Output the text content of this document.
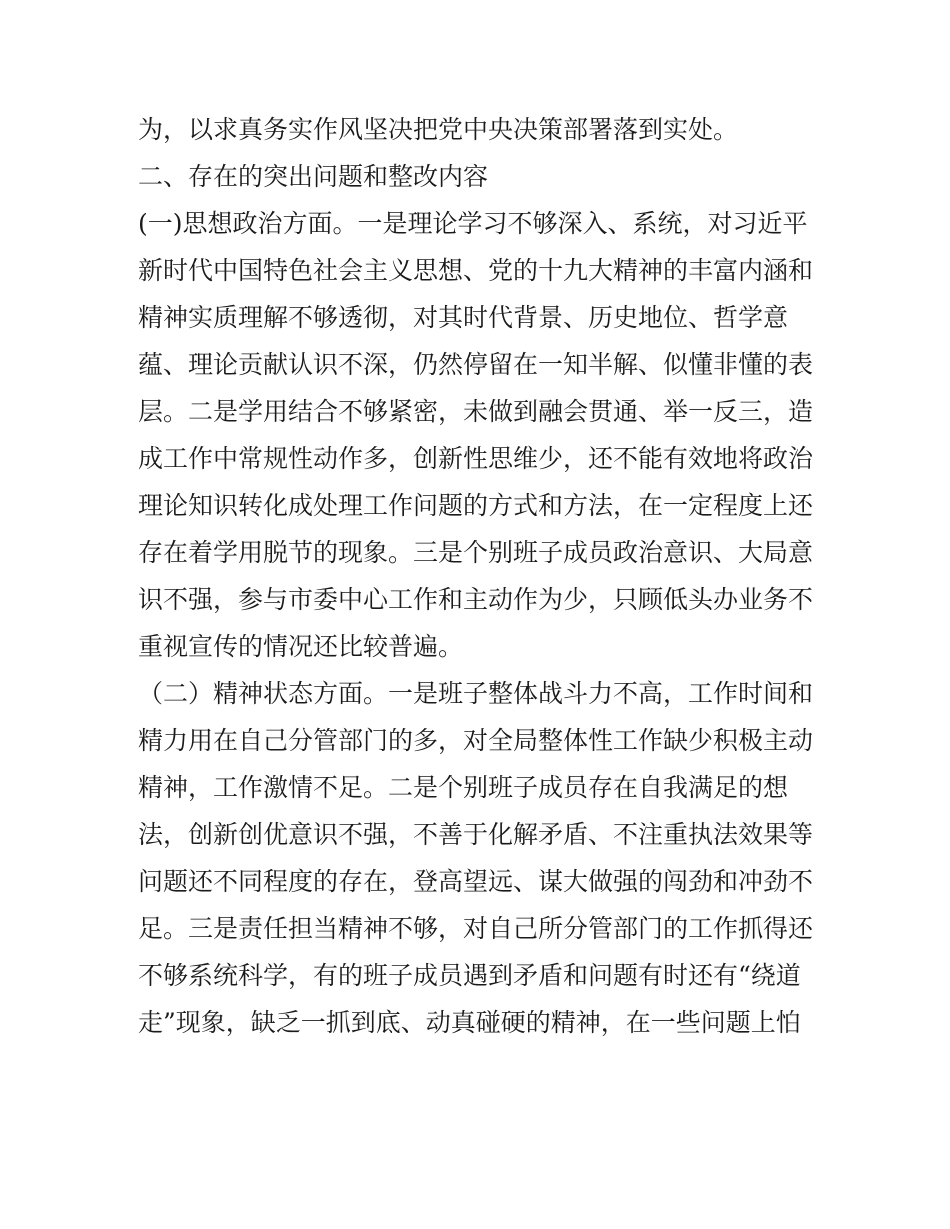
为，以求真务实作风坚决把党中央决策部署落到实处。
二、存在的突出问题和整改内容
(一)思想政治方面。一是理论学习不够深入、系统，对习近平
新时代中国特色社会主义思想、党的十九大精神的丰富内涵和
精神实质理解不够透彻，对其时代背景、历史地位、哲学意
蕴、理论贡献认识不深，仍然停留在一知半解、似懂非懂的表
层。二是学用结合不够紧密，未做到融会贯通、举一反三，造
成工作中常规性动作多，创新性思维少，还不能有效地将政治
理论知识转化成处理工作问题的方式和方法，在一定程度上还
存在着学用脱节的现象。三是个别班子成员政治意识、大局意
识不强，参与市委中心工作和主动作为少，只顾低头办业务不
重视宣传的情况还比较普遍。
（二）精神状态方面。一是班子整体战斗力不高，工作时间和
精力用在自己分管部门的多，对全局整体性工作缺少积极主动
精神，工作激情不足。二是个别班子成员存在自我满足的想
法，创新创优意识不强，不善于化解矛盾、不注重执法效果等
问题还不同程度的存在，登高望远、谋大做强的闯劲和冲劲不
足。三是责任担当精神不够，对自己所分管部门的工作抓得还
不够系统科学，有的班子成员遇到矛盾和问题有时还有“绕道
走”现象，缺乏一抓到底、动真碰硬的精神，在一些问题上怕
